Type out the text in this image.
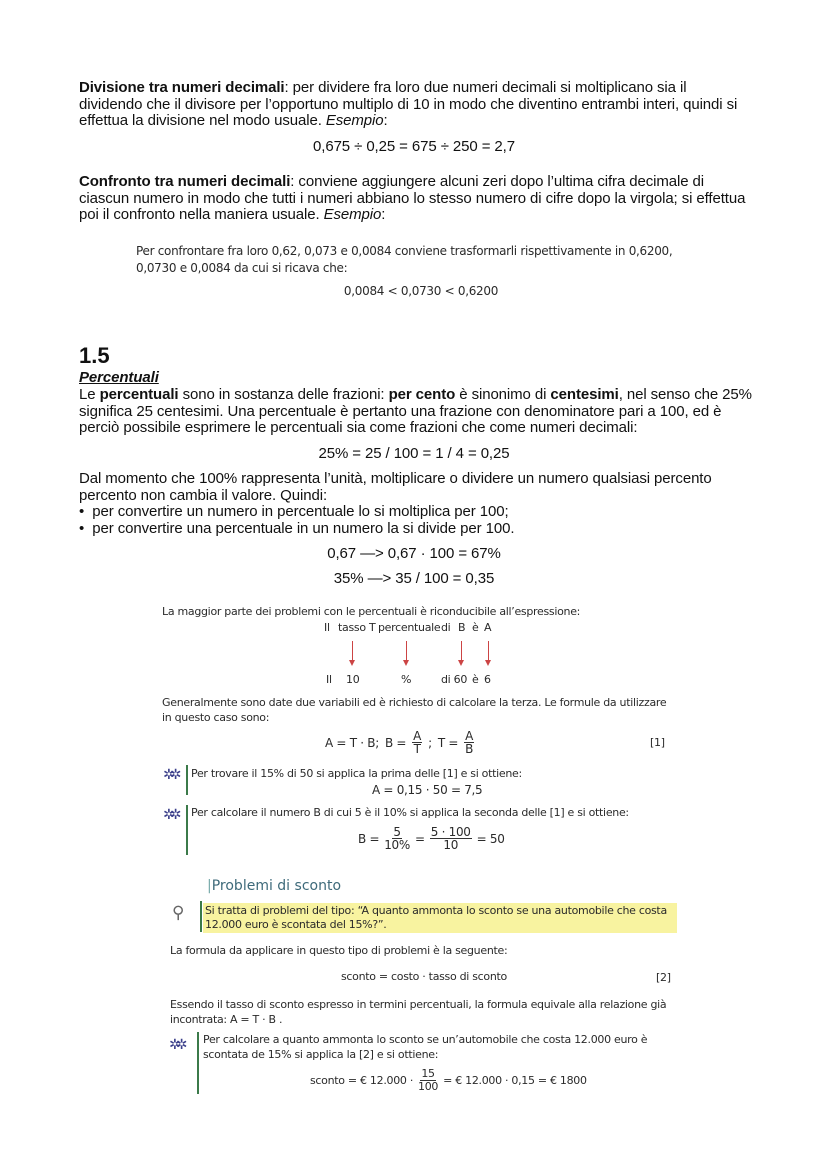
Divisione tra numeri decimali: per dividere fra loro due numeri decimali si moltiplicano sia il dividendo che il divisore per l’opportuno multiplo di 10 in modo che diventino entrambi interi, quindi si effettua la divisione nel modo usuale. Esempio:
0,675 ÷ 0,25 = 675 ÷ 250 = 2,7
Confronto tra numeri decimali: conviene aggiungere alcuni zeri dopo l’ultima cifra decimale di ciascun numero in modo che tutti i numeri abbiano lo stesso numero di cifre dopo la virgola; si effettua poi il confronto nella maniera usuale. Esempio:
Per confrontare fra loro 0,62, 0,073 e 0,0084 conviene trasformarli rispettivamente in 0,6200, 0,0730 e 0,0084 da cui si ricava che:
0,0084 < 0,0730 < 0,6200
1.5
Percentuali
Le percentuali sono in sostanza delle frazioni: per cento è sinonimo di centesimi, nel senso che 25% significa 25 centesimi. Una percentuale è pertanto una frazione con denominatore pari a 100, ed è perciò possibile esprimere le percentuali sia come frazioni che come numeri decimali:
25% = 25 / 100 = 1 / 4 = 0,25
Dal momento che 100% rappresenta l’unità, moltiplicare o dividere un numero qualsiasi percento percento non cambia il valore. Quindi:
•  per convertire un numero in percentuale lo si moltiplica per 100;
•  per convertire una percentuale in un numero la si divide per 100.
0,67 —> 0,67 · 100 = 67%
35% —> 35 / 100 = 0,35
La maggior parte dei problemi con le percentuali è riconducibile all’espressione:
Il tasso T percentuale di B è A
Il 10	%	di 60 è 6
Generalmente sono date due variabili ed è richiesto di calcolare la terza. Le formule da utilizzare in questo caso sono:
A = T · B; $B = \frac{A}{T}$ ; $T = \frac{A}{B}$	[1]
✲✲ Per trovare il 15% di 50 si applica la prima delle [1] e si ottiene:
A = 0,15 · 50 = 7,5
✲✲ Per calcolare il numero B di cui 5 è il 10% si applica la seconda delle [1] e si ottiene:
$B = \frac{5}{10\%} = \frac{5 \cdot 100}{10} = 50$
|Problemi di sconto
⚲ Si tratta di problemi del tipo: “A quanto ammonta lo sconto se una automobile che costa 12.000 euro è scontata del 15%?”.
La formula da applicare in questo tipo di problemi è la seguente:
sconto = costo · tasso di sconto	[2]
Essendo il tasso di sconto espresso in termini percentuali, la formula equivale alla relazione già incontrata: A = T · B .
✲✲ Per calcolare a quanto ammonta lo sconto se un’automobile che costa 12.000 euro è scontata de 15% si applica la [2] e si ottiene:
sconto = € $12.000 \cdot \frac{15}{100}$ = € 12.000 · 0,15 = € 1800
